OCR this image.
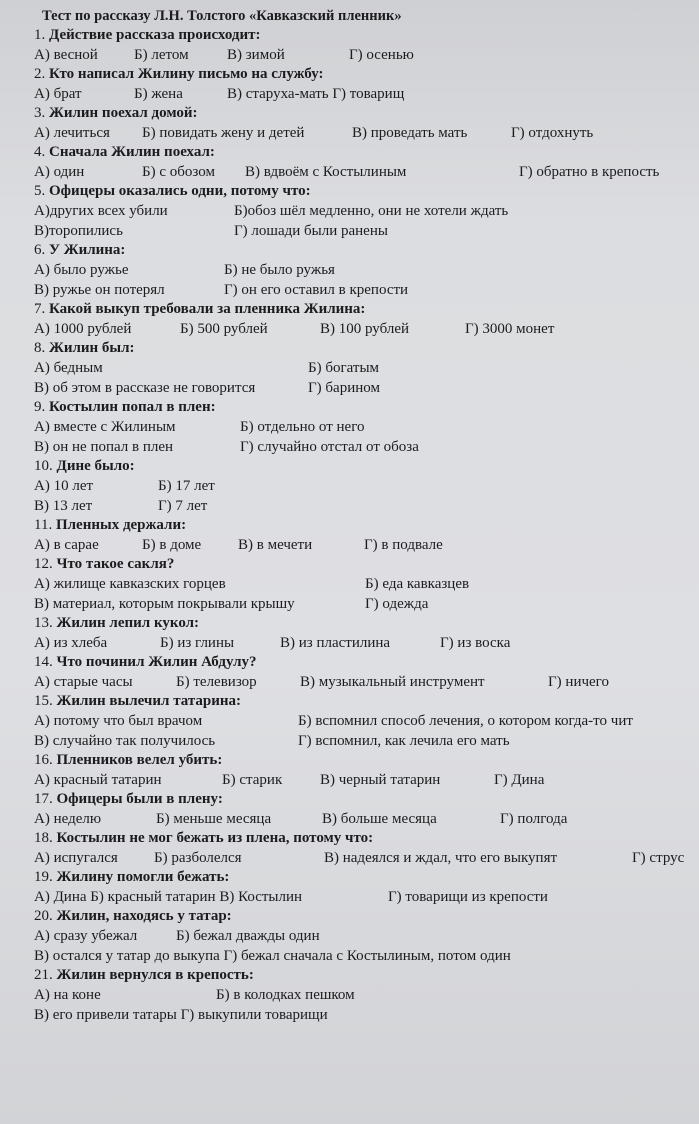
Тест по рассказу Л.Н. Толстого «Кавказский пленник»
1. Действие рассказа происходит:
А) весной Б) летом	В) зимой	Г) осенью
2. Кто написал Жилину письмо на службу:
А) брат	Б) жена	В) старуха-мать Г) товарищ
3. Жилин поехал домой:
А) лечиться Б) повидать жену и детей	В) проведать мать	Г) отдохнуть
4. Сначала Жилин поехал:
А) один	Б) с обозом В) вдвоём с Костылиным	Г) обратно в крепость
5. Офицеры оказались одни, потому что:
А)других всех убили	Б)обоз шёл медленно, они не хотели ждать
В)торопились	Г) лошади были ранены
6. У Жилина:
А) было ружье	Б) не было ружья
В) ружье он потерял	Г) он его оставил в крепости
7. Какой выкуп требовали за пленника Жилина:
А) 1000 рублей	Б) 500 рублей	В) 100 рублей	Г) 3000 монет
8. Жилин был:
А) бедным	Б) богатым
В) об этом в рассказе не говорится	Г) барином
9. Костылин попал в плен:
А) вместе с Жилиным	Б) отдельно от него
В) он не попал в плен	Г) случайно отстал от обоза
10. Дине было:
А) 10 лет	Б) 17 лет
В) 13 лет	Г) 7 лет
11. Пленных держали:
А) в сарае	Б) в доме В) в мечети	Г) в подвале
12. Что такое сакля?
А) жилище кавказских горцев	Б) еда кавказцев
В) материал, которым покрывали крышу	Г) одежда
13. Жилин лепил кукол:
А) из хлеба	Б) из глины	В) из пластилина	Г) из воска
14. Что починил Жилин Абдулу?
А) старые часы	Б) телевизор	В) музыкальный инструмент	Г) ничего
15. Жилин вылечил татарина:
А) потому что был врачом	Б) вспомнил способ лечения, о котором когда-то чит
В) случайно так получилось	Г) вспомнил, как лечила его мать
16. Пленников велел убить:
А) красный татарин	Б) старик	В) черный татарин	Г) Дина
17. Офицеры были в плену:
А) неделю	Б) меньше месяца	В) больше месяца	Г) полгода
18. Костылин не мог бежать из плена, потому что:
А) испугался Б) разболелся	В) надеялся и ждал, что его выкупят	Г) струс
19. Жилину помогли бежать:
А) Дина Б) красный татарин В) Костылин	Г) товарищи из крепости
20. Жилин, находясь у татар:
А) сразу убежал	Б) бежал дважды один
В) остался у татар до выкупа Г) бежал сначала с Костылиным, потом один
21. Жилин вернулся в крепость:
А) на коне	Б) в колодках пешком
В) его привели татары Г) выкупили товарищи
